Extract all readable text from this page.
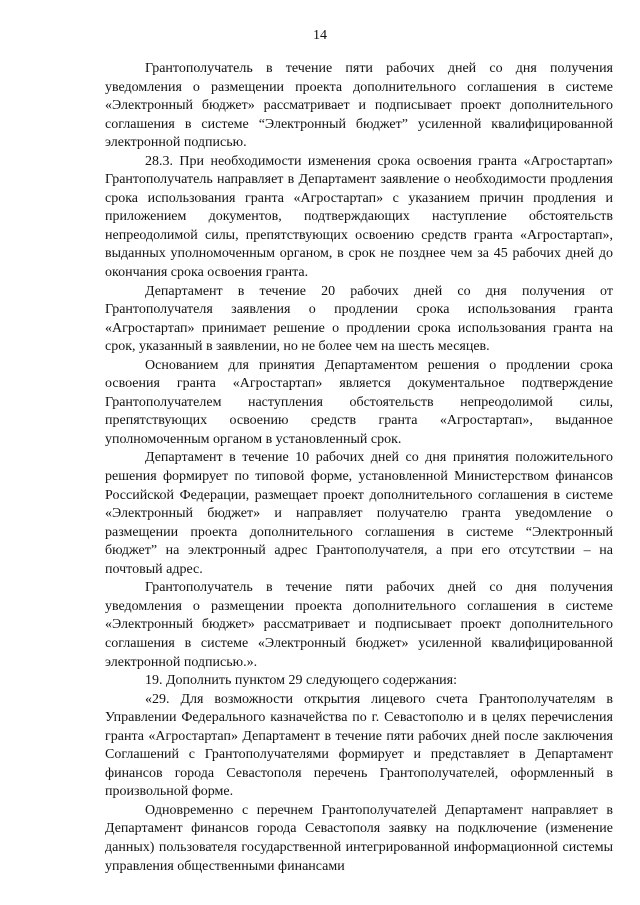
14

Грантополучатель в течение пяти рабочих дней со дня получения уведомления о размещении проекта дополнительного соглашения в системе «Электронный бюджет» рассматривает и подписывает проект дополнительного соглашения в системе “Электронный бюджет” усиленной квалифицированной электронной подписью.

28.3. При необходимости изменения срока освоения гранта «Агростартап» Грантополучатель направляет в Департамент заявление о необходимости продления срока использования гранта «Агростартап» с указанием причин продления и приложением документов, подтверждающих наступление обстоятельств непреодолимой силы, препятствующих освоению средств гранта «Агростартап», выданных уполномоченным органом, в срок не позднее чем за 45 рабочих дней до окончания срока освоения гранта.

Департамент в течение 20 рабочих дней со дня получения от Грантополучателя заявления о продлении срока использования гранта «Агростартап» принимает решение о продлении срока использования гранта на срок, указанный в заявлении, но не более чем на шесть месяцев.

Основанием для принятия Департаментом решения о продлении срока освоения гранта «Агростартап» является документальное подтверждение Грантополучателем наступления обстоятельств непреодолимой силы, препятствующих освоению средств гранта «Агростартап», выданное уполномоченным органом в установленный срок.

Департамент в течение 10 рабочих дней со дня принятия положительного решения формирует по типовой форме, установленной Министерством финансов Российской Федерации, размещает проект дополнительного соглашения в системе «Электронный бюджет» и направляет получателю гранта уведомление о размещении проекта дополнительного соглашения в системе “Электронный бюджет” на электронный адрес Грантополучателя, а при его отсутствии – на почтовый адрес.

Грантополучатель в течение пяти рабочих дней со дня получения уведомления о размещении проекта дополнительного соглашения в системе «Электронный бюджет» рассматривает и подписывает проект дополнительного соглашения в системе «Электронный бюджет» усиленной квалифицированной электронной подписью.».

19. Дополнить пунктом 29 следующего содержания:

«29. Для возможности открытия лицевого счета Грантополучателям в Управлении Федерального казначейства по г. Севастополю и в целях перечисления гранта «Агростартап» Департамент в течение пяти рабочих дней после заключения Соглашений с Грантополучателями формирует и представляет в Департамент финансов города Севастополя перечень Грантополучателей, оформленный в произвольной форме.

Одновременно с перечнем Грантополучателей Департамент направляет в Департамент финансов города Севастополя заявку на подключение (изменение данных) пользователя государственной интегрированной информационной системы управления общественными финансами
